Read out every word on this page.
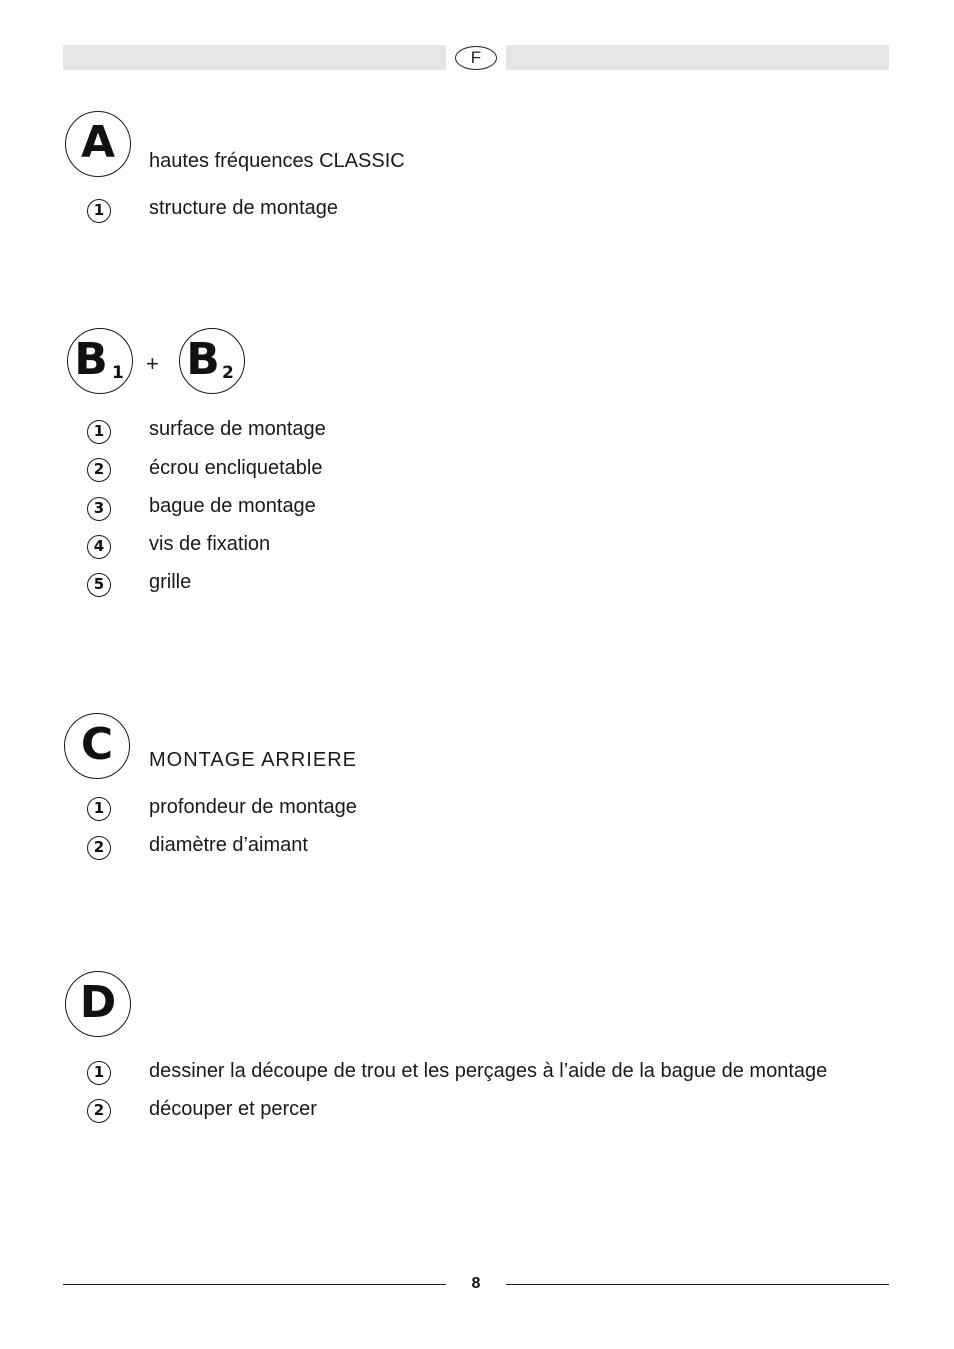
F
A	hautes fréquences CLASSIC
1	structure de montage
B 1 + B 2
1	surface de montage
2	écrou encliquetable
3	bague de montage
4	vis de fixation
5	grille
C	MONTAGE ARRIERE
1	profondeur de montage
2	diamètre d’aimant
D
1	dessiner la découpe de trou et les perçages à l’aide de la bague de montage
2	découper et percer
8
